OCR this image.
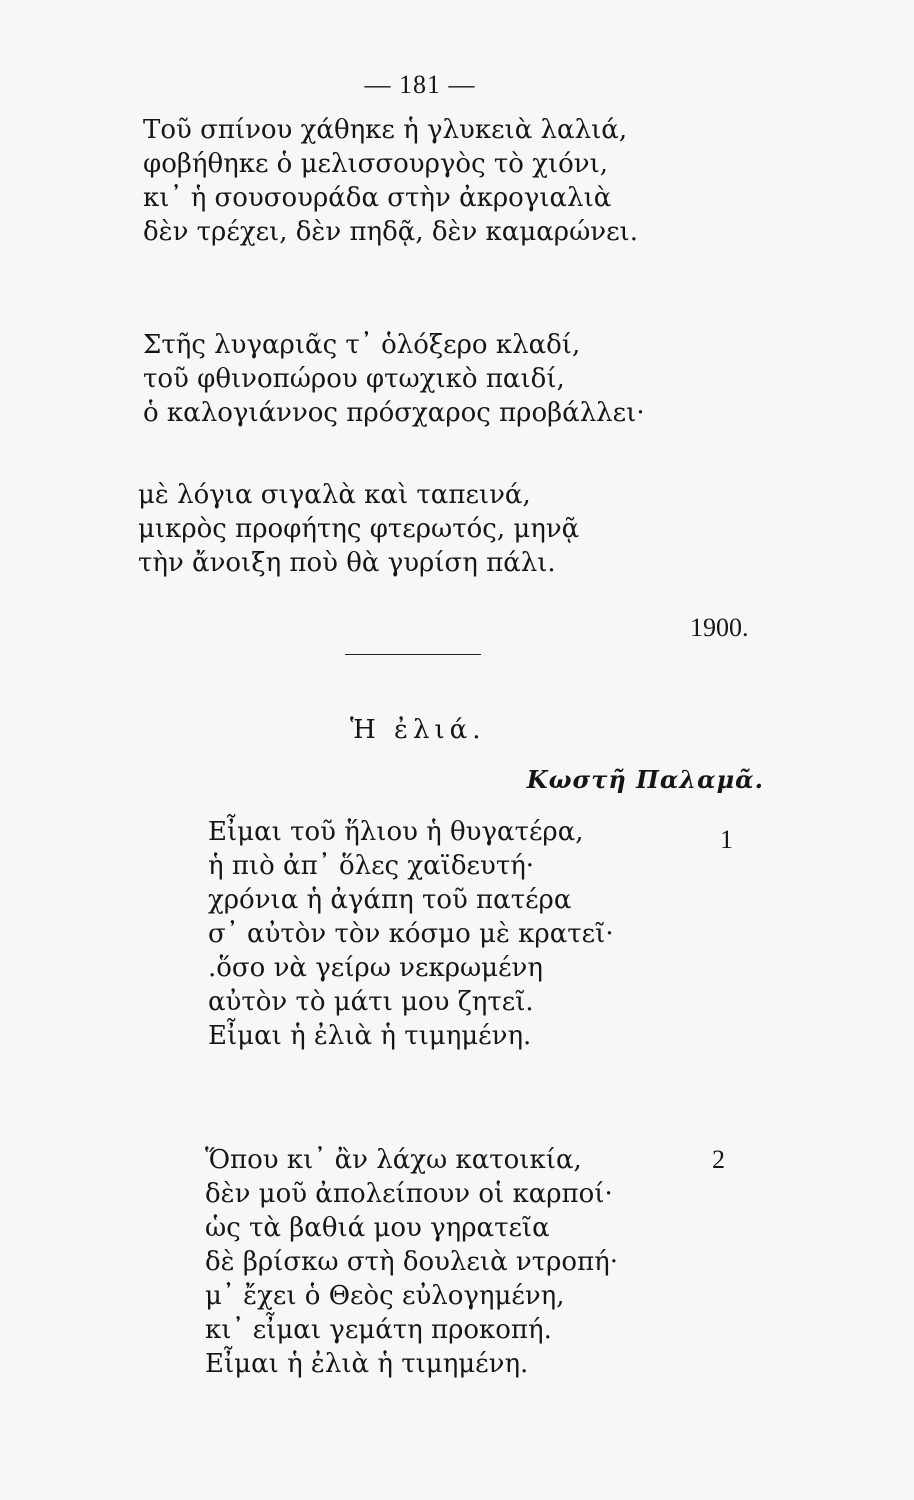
— 181 —
Τοῦ σπίνου χάθηκε ἡ γλυκειὰ λαλιά,
φοβήθηκε ὁ μελισσουργὸς τὸ χιόνι,
κι᾿ ἡ σουσουράδα στὴν ἀκρογιαλιὰ
δὲν τρέχει, δὲν πηδᾷ, δὲν καμαρώνει.
Στῆς λυγαριᾶς τ᾿ ὁλόξερο κλαδί,
τοῦ φθινοπώρου φτωχικὸ παιδί,
ὁ καλογιάννος πρόσχαρος προβάλλει·
μὲ λόγια σιγαλὰ καὶ ταπεινά,
μικρὸς προφήτης φτερωτός, μηνᾷ
τὴν ἄνοιξη ποὺ θὰ γυρίση πάλι.
1900.
Ἡ ἐλιά.
Κωστῆ Παλαμᾶ.
1
Εἶμαι τοῦ ἥλιου ἡ θυγατέρα,
ἡ πιὸ ἀπ᾿ ὅλες χαϊδευτή·
χρόνια ἡ ἀγάπη τοῦ πατέρα
σ᾿ αὐτὸν τὸν κόσμο μὲ κρατεῖ·
.ὅσο νὰ γείρω νεκρωμένη
αὐτὸν τὸ μάτι μου ζητεῖ.
Εἶμαι ἡ ἐλιὰ ἡ τιμημένη.
2
Ὅπου κι᾿ ἂν λάχω κατοικία,
δὲν μοῦ ἀπολείπουν οἱ καρποί·
ὡς τὰ βαθιά μου γηρατεῖα
δὲ βρίσκω στὴ δουλειὰ ντροπή·
μ᾿ ἔχει ὁ Θεὸς εὐλογημένη,
κι᾿ εἶμαι γεμάτη προκοπή.
Εἶμαι ἡ ἐλιὰ ἡ τιμημένη.
